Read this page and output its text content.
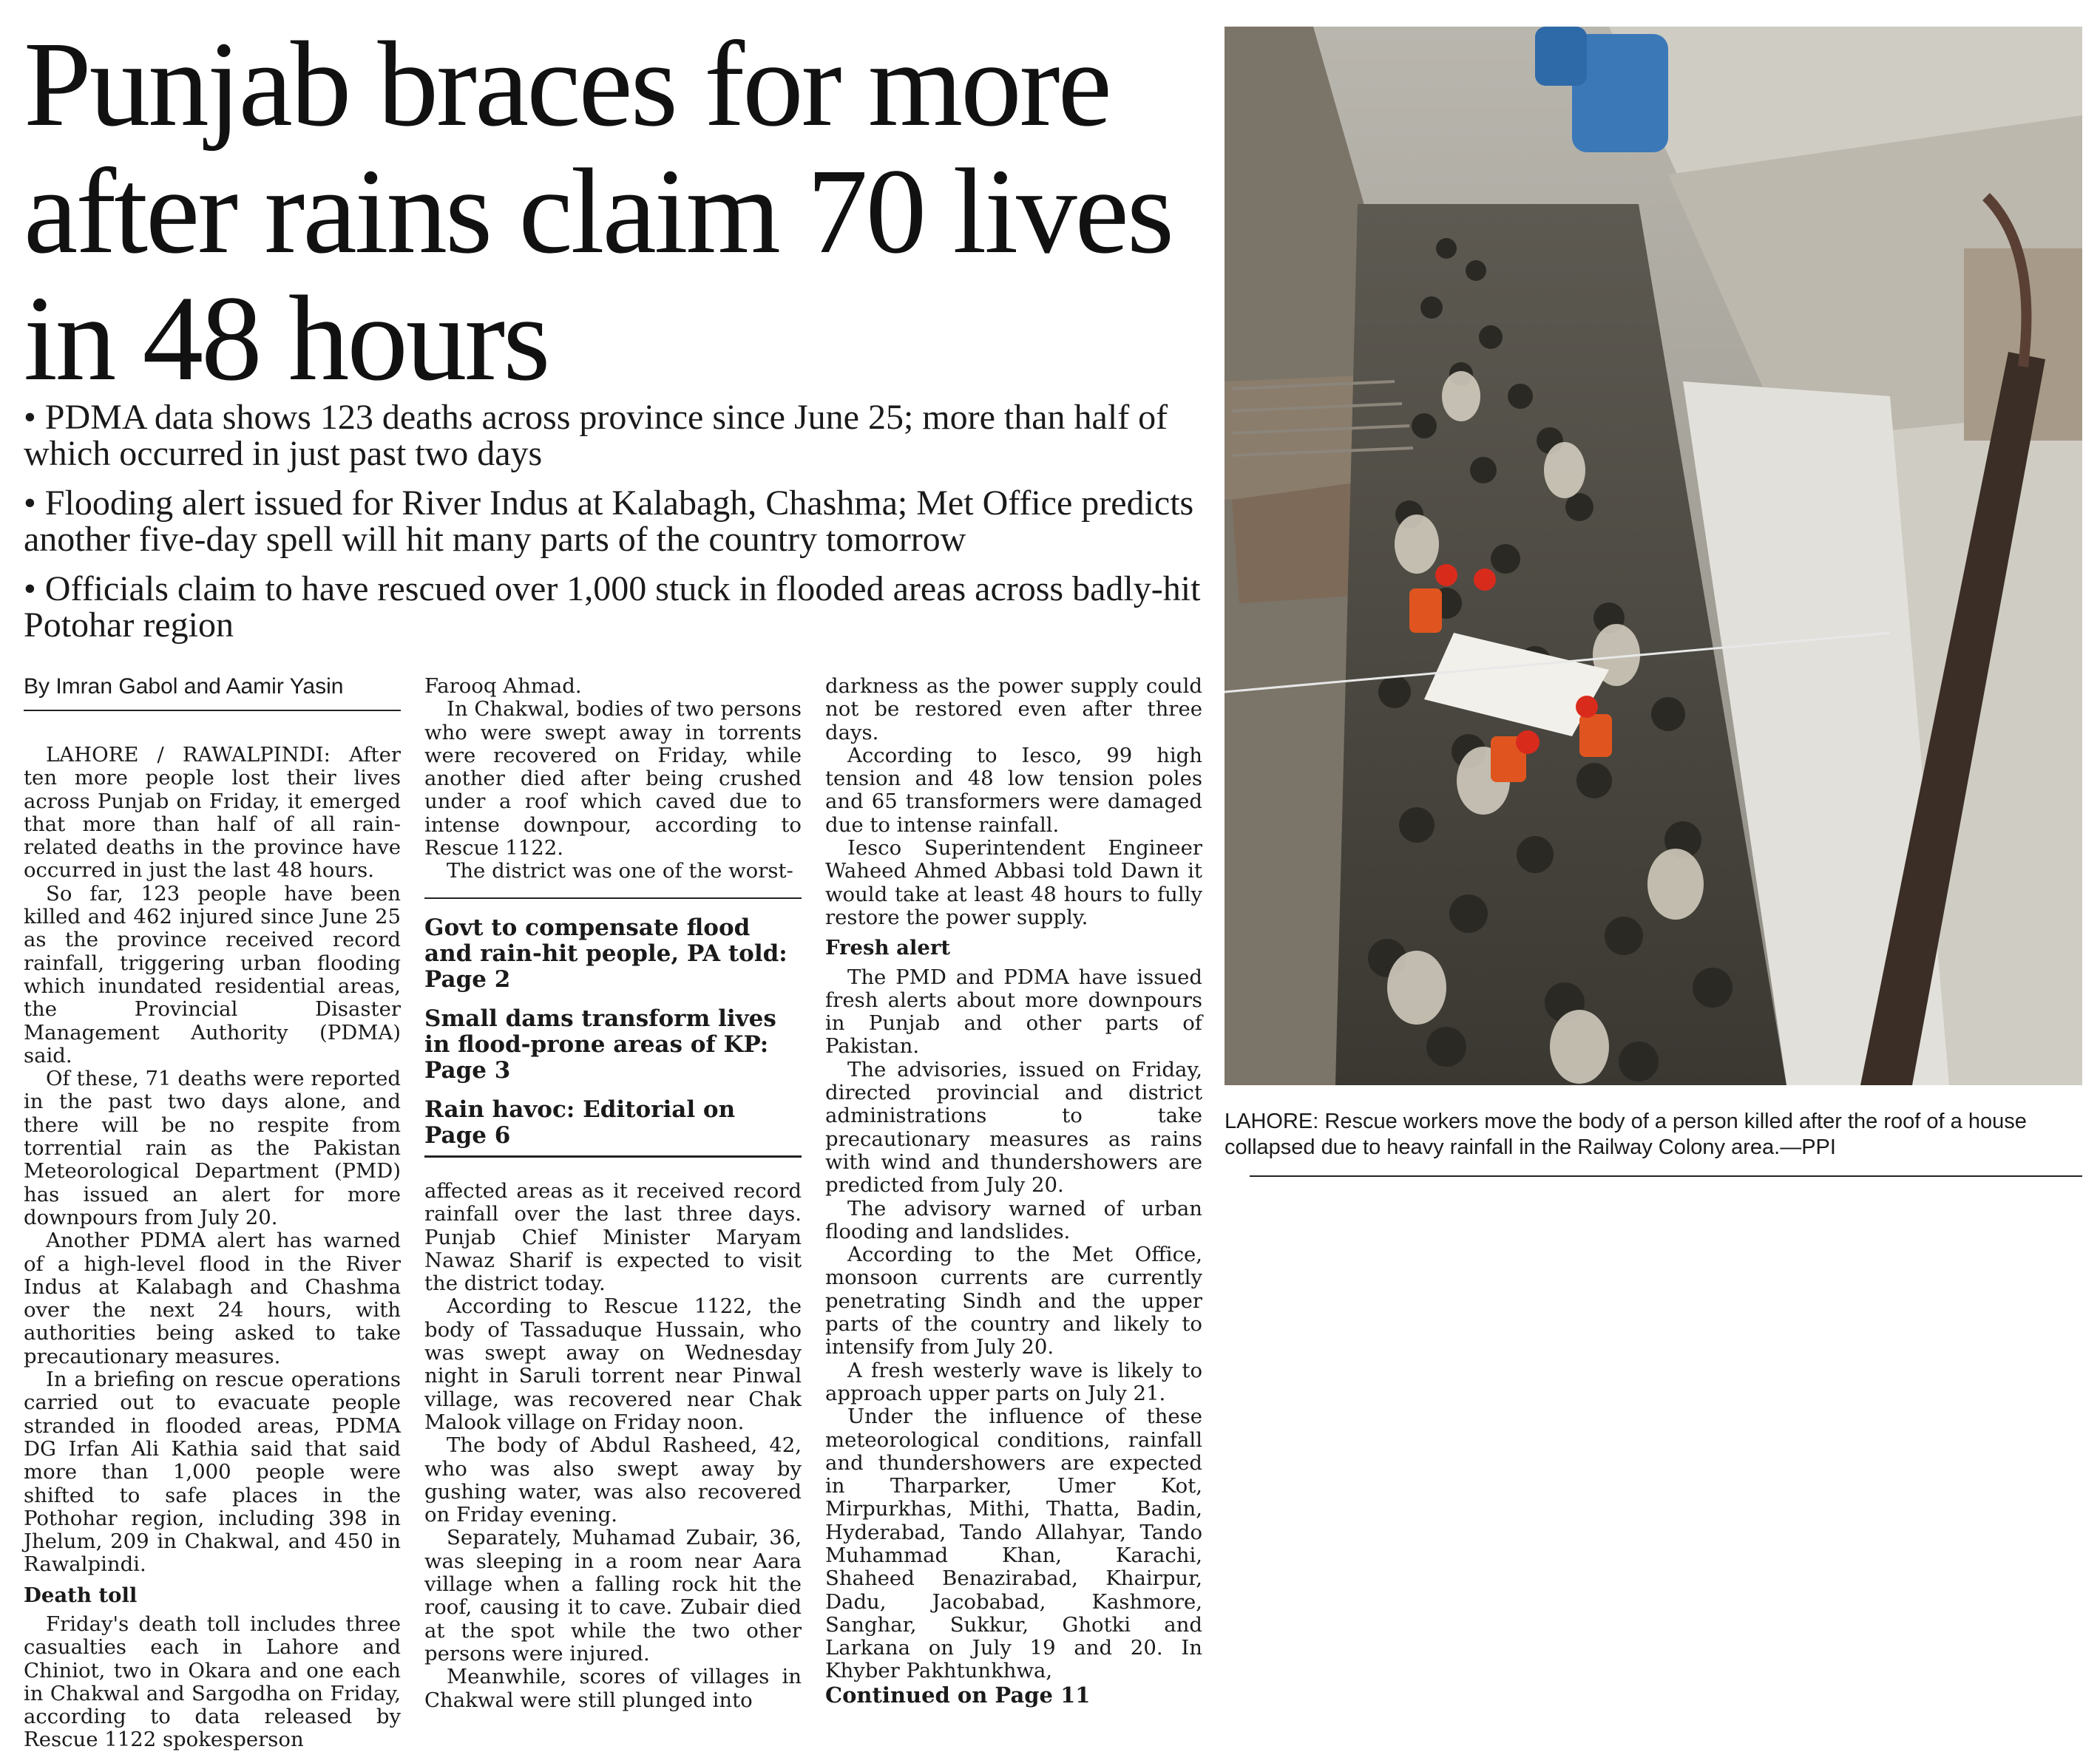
Punjab braces for more after rains claim 70 lives in 48 hours

• PDMA data shows 123 deaths across province since June 25; more than half of which occurred in just past two days

• Flooding alert issued for River Indus at Kalabagh, Chashma; Met Office predicts another five-day spell will hit many parts of the country tomorrow

• Officials claim to have rescued over 1,000 stuck in flooded areas across badly-hit Potohar region

By Imran Gabol and Aamir Yasin

LAHORE / RAWALPINDI: After ten more people lost their lives across Punjab on Friday, it emerged that more than half of all rain-related deaths in the province have occurred in just the last 48 hours.

So far, 123 people have been killed and 462 injured since June 25 as the province received record rainfall, triggering urban flooding which inundated residential areas, the Provincial Disaster Management Authority (PDMA) said.

Of these, 71 deaths were reported in the past two days alone, and there will be no respite from torrential rain as the Pakistan Meteorological Department (PMD) has issued an alert for more downpours from July 20.

Another PDMA alert has warned of a high-level flood in the River Indus at Kalabagh and Chashma over the next 24 hours, with authorities being asked to take precautionary measures.

In a briefing on rescue operations carried out to evacuate people stranded in flooded areas, PDMA DG Irfan Ali Kathia said that said more than 1,000 people were shifted to safe places in the Pothohar region, including 398 in Jhelum, 209 in Chakwal, and 450 in Rawalpindi.

Death toll

Friday's death toll includes three casualties each in Lahore and Chiniot, two in Okara and one each in Chakwal and Sargodha on Friday, according to data released by Rescue 1122 spokesperson

Farooq Ahmad.

In Chakwal, bodies of two persons who were swept away in torrents were recovered on Friday, while another died after being crushed under a roof which caved due to intense downpour, according to Rescue 1122.

The district was one of the worst-

Govt to compensate flood and rain-hit people, PA told: Page 2

Small dams transform lives in flood-prone areas of KP: Page 3

Rain havoc: Editorial on Page 6

affected areas as it received record rainfall over the last three days. Punjab Chief Minister Maryam Nawaz Sharif is expected to visit the district today.

According to Rescue 1122, the body of Tassaduque Hussain, who was swept away on Wednesday night in Saruli torrent near Pinwal village, was recovered near Chak Malook village on Friday noon.

The body of Abdul Rasheed, 42, who was also swept away by gushing water, was also recovered on Friday evening.

Separately, Muhamad Zubair, 36, was sleeping in a room near Aara village when a falling rock hit the roof, causing it to cave. Zubair died at the spot while the two other persons were injured.

Meanwhile, scores of villages in Chakwal were still plunged into

darkness as the power supply could not be restored even after three days.

According to Iesco, 99 high tension and 48 low tension poles and 65 transformers were damaged due to intense rainfall.

Iesco Superintendent Engineer Waheed Ahmed Abbasi told Dawn it would take at least 48 hours to fully restore the power supply.

Fresh alert

The PMD and PDMA have issued fresh alerts about more downpours in Punjab and other parts of Pakistan.

The advisories, issued on Friday, directed provincial and district administrations to take precautionary measures as rains with wind and thundershowers are predicted from July 20.

The advisory warned of urban flooding and landslides.

According to the Met Office, monsoon currents are currently penetrating Sindh and the upper parts of the country and likely to intensify from July 20.

A fresh westerly wave is likely to approach upper parts on July 21.

Under the influence of these meteorological conditions, rainfall and thundershowers are expected in Tharparker, Umer Kot, Mirpurkhas, Mithi, Thatta, Badin, Hyderabad, Tando Allahyar, Tando Muhammad Khan, Karachi, Shaheed Benazirabad, Khairpur, Dadu, Jacobabad, Kashmore, Sanghar, Sukkur, Ghotki and Larkana on July 19 and 20. In Khyber Pakhtunkhwa,

Continued on Page 11
LAHORE: Rescue workers move the body of a person killed after the roof of a house collapsed due to heavy rainfall in the Railway Colony area.—PPI
